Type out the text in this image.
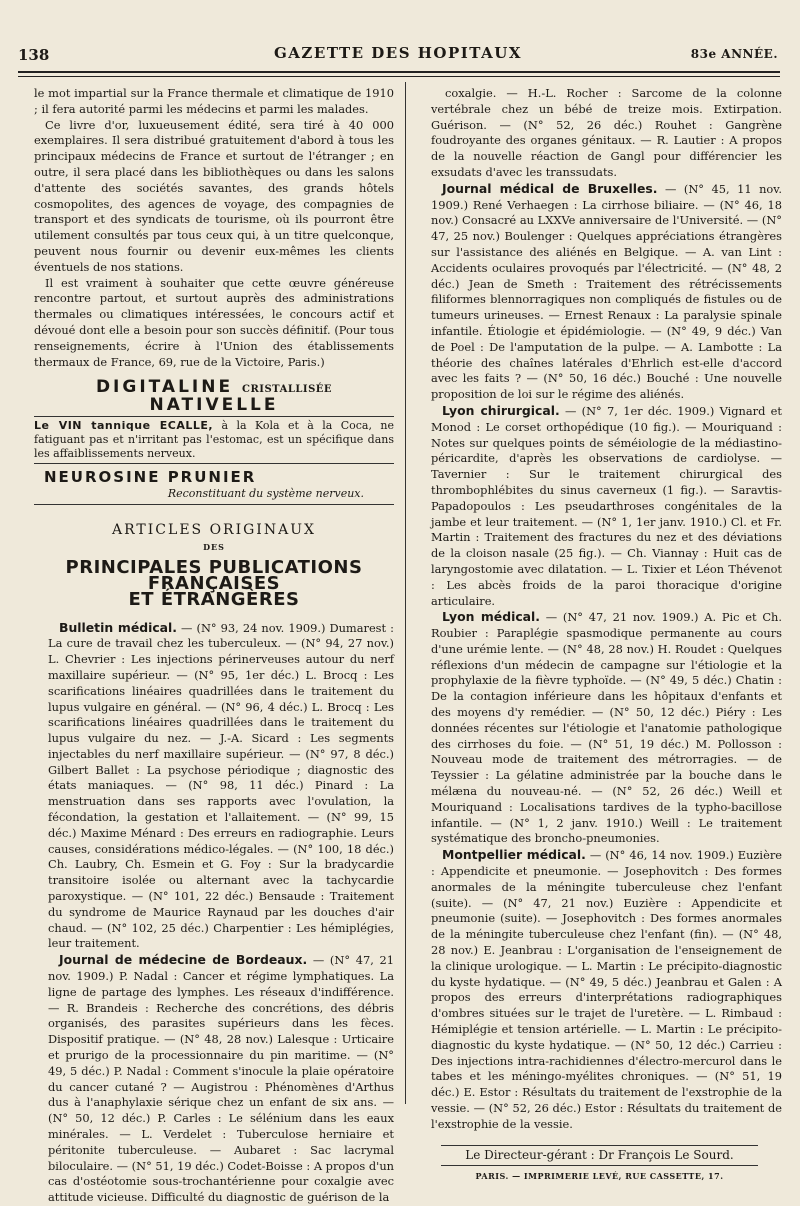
138	GAZETTE DES HOPITAUX	83e ANNÉE.

le mot impartial sur la France thermale et climatique de 1910 ; il fera autorité parmi les médecins et parmi les malades.

Ce livre d'or, luxueusement édité, sera tiré à 40 000 exemplaires. Il sera distribué gratuitement d'abord à tous les principaux médecins de France et surtout de l'étranger ; en outre, il sera placé dans les bibliothèques ou dans les salons d'attente des sociétés savantes, des grands hôtels cosmopolites, des agences de voyage, des compagnies de transport et des syndicats de tourisme, où ils pourront être utilement consultés par tous ceux qui, à un titre quelconque, peuvent nous fournir ou devenir eux-mêmes les clients éventuels de nos stations.

Il est vraiment à souhaiter que cette œuvre généreuse rencontre partout, et surtout auprès des administrations thermales ou climatiques intéressées, le concours actif et dévoué dont elle a besoin pour son succès définitif. (Pour tous renseignements, écrire à l'Union des établissements thermaux de France, 69, rue de la Victoire, Paris.)

DIGITALINE CRISTALLISÉE NATIVELLE
Le VIN tannique ECALLE, à la Kola et à la Coca, ne fatiguant pas et n'irritant pas l'estomac, est un spécifique dans les affaiblissements nerveux.
NEUROSINE PRUNIER
Reconstituant du système nerveux.
ARTICLES ORIGINAUX
DES
PRINCIPALES PUBLICATIONS FRANÇAISES
ET ÉTRANGÈRES

Bulletin médical. — (N° 93, 24 nov. 1909.) Dumarest : La cure de travail chez les tuberculeux. — (N° 94, 27 nov.) L. Chevrier : Les injections périnerveuses autour du nerf maxillaire supérieur. — (N° 95, 1er déc.) L. Brocq : Les scarifications linéaires quadrillées dans le traitement du lupus vulgaire en général. — (N° 96, 4 déc.) L. Brocq : Les scarifications linéaires quadrillées dans le traitement du lupus vulgaire du nez. — J.-A. Sicard : Les segments injectables du nerf maxillaire supérieur. — (N° 97, 8 déc.) Gilbert Ballet : La psychose périodique ; diagnostic des états maniaques. — (N° 98, 11 déc.) Pinard : La menstruation dans ses rapports avec l'ovulation, la fécondation, la gestation et l'allaitement. — (N° 99, 15 déc.) Maxime Ménard : Des erreurs en radiographie. Leurs causes, considérations médico-légales. — (N° 100, 18 déc.) Ch. Laubry, Ch. Esmein et G. Foy : Sur la bradycardie transitoire isolée ou alternant avec la tachycardie paroxystique. — (N° 101, 22 déc.) Bensaude : Traitement du syndrome de Maurice Raynaud par les douches d'air chaud. — (N° 102, 25 déc.) Charpentier : Les hémiplégies, leur traitement.

Journal de médecine de Bordeaux. — (N° 47, 21 nov. 1909.) P. Nadal : Cancer et régime lymphatiques. La ligne de partage des lymphes. Les réseaux d'indifférence. — R. Brandeis : Recherche des concrétions, des débris organisés, des parasites supérieurs dans les fèces. Dispositif pratique. — (N° 48, 28 nov.) Lalesque : Urticaire et prurigo de la processionnaire du pin maritime. — (N° 49, 5 déc.) P. Nadal : Comment s'inocule la plaie opératoire du cancer cutané ? — Augistrou : Phénomènes d'Arthus dus à l'anaphylaxie sérique chez un enfant de six ans. — (N° 50, 12 déc.) P. Carles : Le sélénium dans les eaux minérales. — L. Verdelet : Tuberculose herniaire et péritonite tuberculeuse. — Aubaret : Sac lacrymal biloculaire. — (N° 51, 19 déc.) Codet-Boisse : A propos d'un cas d'ostéotomie sous-trochantérienne pour coxalgie avec attitude vicieuse. Difficulté du diagnostic de guérison de la

coxalgie. — H.-L. Rocher : Sarcome de la colonne vertébrale chez un bébé de treize mois. Extirpation. Guérison. — (N° 52, 26 déc.) Rouhet : Gangrène foudroyante des organes génitaux. — R. Lautier : A propos de la nouvelle réaction de Gangl pour différencier les exsudats d'avec les transsudats.

Journal médical de Bruxelles. — (N° 45, 11 nov. 1909.) René Verhaegen : La cirrhose biliaire. — (N° 46, 18 nov.) Consacré au LXXVe anniversaire de l'Université. — (N° 47, 25 nov.) Boulenger : Quelques appréciations étrangères sur l'assistance des aliénés en Belgique. — A. van Lint : Accidents oculaires provoqués par l'électricité. — (N° 48, 2 déc.) Jean de Smeth : Traitement des rétrécissements filiformes blennorragiques non compliqués de fistules ou de tumeurs urineuses. — Ernest Renaux : La paralysie spinale infantile. Étiologie et épidémiologie. — (N° 49, 9 déc.) Van de Poel : De l'amputation de la pulpe. — A. Lambotte : La théorie des chaînes latérales d'Ehrlich est-elle d'accord avec les faits ? — (N° 50, 16 déc.) Bouché : Une nouvelle proposition de loi sur le régime des aliénés.

Lyon chirurgical. — (N° 7, 1er déc. 1909.) Vignard et Monod : Le corset orthopédique (10 fig.). — Mouriquand : Notes sur quelques points de séméiologie de la médiastino-péricardite, d'après les observations de cardiolyse. — Tavernier : Sur le traitement chirurgical des thrombophlébites du sinus caverneux (1 fig.). — Saravtis-Papadopoulos : Les pseudarthroses congénitales de la jambe et leur traitement. — (N° 1, 1er janv. 1910.) Cl. et Fr. Martin : Traitement des fractures du nez et des déviations de la cloison nasale (25 fig.). — Ch. Viannay : Huit cas de laryngostomie avec dilatation. — L. Tixier et Léon Thévenot : Les abcès froids de la paroi thoracique d'origine articulaire.

Lyon médical. — (N° 47, 21 nov. 1909.) A. Pic et Ch. Roubier : Paraplégie spasmodique permanente au cours d'une urémie lente. — (N° 48, 28 nov.) H. Roudet : Quelques réflexions d'un médecin de campagne sur l'étiologie et la prophylaxie de la fièvre typhoïde. — (N° 49, 5 déc.) Chatin : De la contagion inférieure dans les hôpitaux d'enfants et des moyens d'y remédier. — (N° 50, 12 déc.) Piéry : Les données récentes sur l'étiologie et l'anatomie pathologique des cirrhoses du foie. — (N° 51, 19 déc.) M. Pollosson : Nouveau mode de traitement des métrorragies. — de Teyssier : La gélatine administrée par la bouche dans le mélæna du nouveau-né. — (N° 52, 26 déc.) Weill et Mouriquand : Localisations tardives de la typho-bacillose infantile. — (N° 1, 2 janv. 1910.) Weill : Le traitement systématique des broncho-pneumonies.

Montpellier médical. — (N° 46, 14 nov. 1909.) Euzière : Appendicite et pneumonie. — Josephovitch : Des formes anormales de la méningite tuberculeuse chez l'enfant (suite). — (N° 47, 21 nov.) Euzière : Appendicite et pneumonie (suite). — Josephovitch : Des formes anormales de la méningite tuberculeuse chez l'enfant (fin). — (N° 48, 28 nov.) E. Jeanbrau : L'organisation de l'enseignement de la clinique urologique. — L. Martin : Le précipito-diagnostic du kyste hydatique. — (N° 49, 5 déc.) Jeanbrau et Galen : A propos des erreurs d'interprétations radiographiques d'ombres situées sur le trajet de l'uretère. — L. Rimbaud : Hémiplégie et tension artérielle. — L. Martin : Le précipito-diagnostic du kyste hydatique. — (N° 50, 12 déc.) Carrieu : Des injections intra-rachidiennes d'électro-mercurol dans le tabes et les méningo-myélites chroniques. — (N° 51, 19 déc.) E. Estor : Résultats du traitement de l'exstrophie de la vessie. — (N° 52, 26 déc.) Estor : Résultats du traitement de l'exstrophie de la vessie.

Le Directeur-gérant : Dr François Le Sourd.
PARIS. — IMPRIMERIE LEVÉ, RUE CASSETTE, 17.
